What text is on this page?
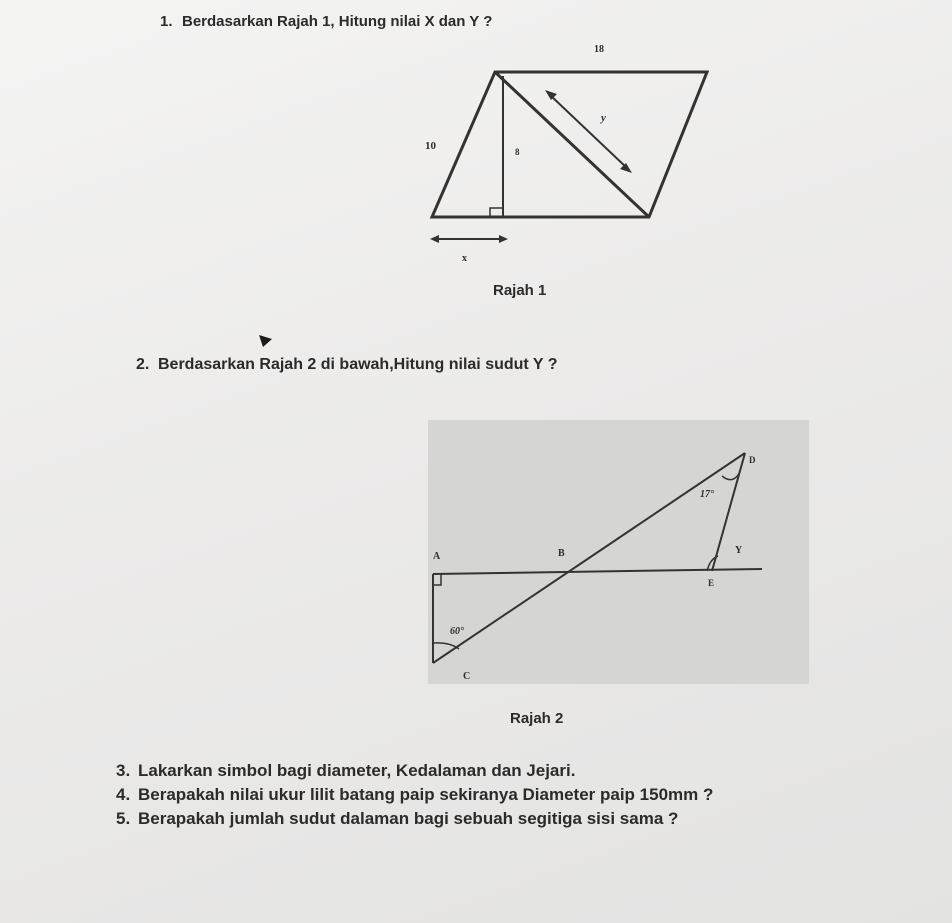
1. Berdasarkan Rajah 1, Hitung nilai X dan Y ?
18
10	8
y
x
D
17°
A	B	Y
E
60°
C
Rajah 1
2. Berdasarkan Rajah 2 di bawah,Hitung nilai sudut Y ?
Rajah 2
3. Lakarkan simbol bagi diameter, Kedalaman dan Jejari.
4. Berapakah nilai ukur lilit batang paip sekiranya Diameter paip 150mm ?
5. Berapakah jumlah sudut dalaman bagi sebuah segitiga sisi sama ?
